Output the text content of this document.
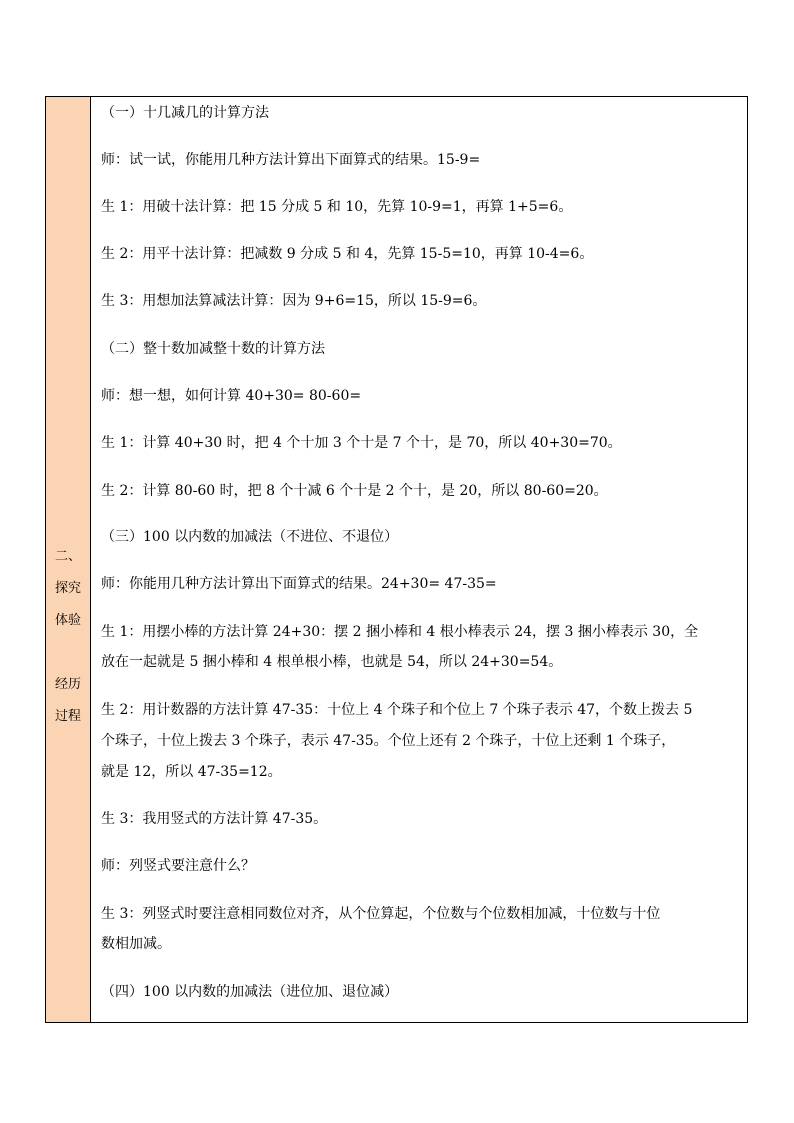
二、
探究
体验
经历
过程
（一）十几减几的计算方法
师：试一试，你能用几种方法计算出下面算式的结果。15-9=
生 1：用破十法计算：把 15 分成 5 和 10，先算 10-9=1，再算 1+5=6。
生 2：用平十法计算：把减数 9 分成 5 和 4，先算 15-5=10，再算 10-4=6。
生 3：用想加法算减法计算：因为 9+6=15，所以 15-9=6。
（二）整十数加减整十数的计算方法
师：想一想，如何计算 40+30= 80-60=
生 1：计算 40+30 时，把 4 个十加 3 个十是 7 个十，是 70，所以 40+30=70。
生 2：计算 80-60 时，把 8 个十减 6 个十是 2 个十，是 20，所以 80-60=20。
（三）100 以内数的加减法（不进位、不退位）
师：你能用几种方法计算出下面算式的结果。24+30= 47-35=
生 1：用摆小棒的方法计算 24+30：摆 2 捆小棒和 4 根小棒表示 24，摆 3 捆小棒表示 30，全
放在一起就是 5 捆小棒和 4 根单根小棒，也就是 54，所以 24+30=54。
生 2：用计数器的方法计算 47-35：十位上 4 个珠子和个位上 7 个珠子表示 47，个数上拨去 5
个珠子，十位上拨去 3 个珠子，表示 47-35。个位上还有 2 个珠子，十位上还剩 1 个珠子，
就是 12，所以 47-35=12。
生 3：我用竖式的方法计算 47-35。
师：列竖式要注意什么？
生 3：列竖式时要注意相同数位对齐，从个位算起，个位数与个位数相加减，十位数与十位
数相加减。
（四）100 以内数的加减法（进位加、退位减）
